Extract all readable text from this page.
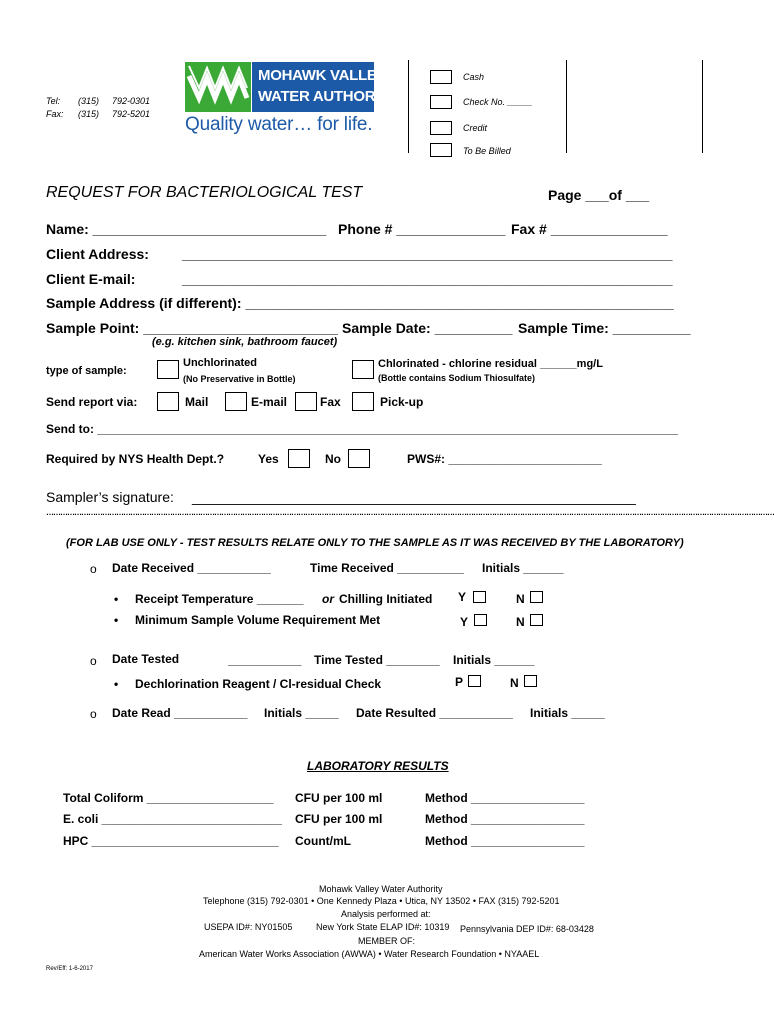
Tel: (315) 792-0301
Fax: (315) 792-5201
MOHAWK VALLEY
WATER AUTHORITY
Quality water… for life.
Cash
Check No. _____
Credit
To Be Billed
REQUEST FOR BACTERIOLOGICAL TEST	Page ___of ___
Name: ______________________________ Phone # ______________ Fax # _______________
Client Address: _______________________________________________________________
Client E-mail:	_______________________________________________________________
Sample Address (if different): _______________________________________________________
Sample Point: _________________________ Sample Date: __________ Sample Time: __________
(e.g. kitchen sink, bathroom faucet)
type of sample:
Unchlorinated
(No Preservative in Bottle)
Chlorinated - chlorine residual ______mg/L
(Bottle contains Sodium Thiosulfate)
Send report via:	Mail	E-mail	Fax	Pick-up
Send to: _______________________________________________________________________________________
Required by NYS Health Dept.?	Yes	No	PWS#: _______________________
Sampler’s signature: _________________________________________________________
……………………………………………………………………………………………………………………………………………………………………………………………………………………………………………………………………………………
(FOR LAB USE ONLY - TEST RESULTS RELATE ONLY TO THE SAMPLE AS IT WAS RECEIVED BY THE LABORATORY)
o Date Received ___________	Time Received __________ Initials ______
• Receipt Temperature _______ or Chilling Initiated Y	N
• Minimum Sample Volume Requirement Met	Y	N
o Date Tested	___________ Time Tested ________ Initials ______
• Dechlorination Reagent / Cl-residual Check	P	N
o Date Read ___________ Initials _____ Date Resulted ___________ Initials _____
LABORATORY RESULTS
Total Coliform ___________________ CFU per 100 ml	Method _________________
E. coli ___________________________ CFU per 100 ml	Method _________________
HPC ____________________________ Count/mL	Method _________________
Mohawk Valley Water Authority
Telephone (315) 792-0301 • One Kennedy Plaza • Utica, NY 13502 • FAX (315) 792-5201
Analysis performed at:
USEPA ID#: NY01505	New York State ELAP ID#: 10319 Pennsylvania DEP ID#: 68-03428
MEMBER OF:
American Water Works Association (AWWA) • Water Research Foundation • NYAAEL
Rev/Eff: 1-6-2017
